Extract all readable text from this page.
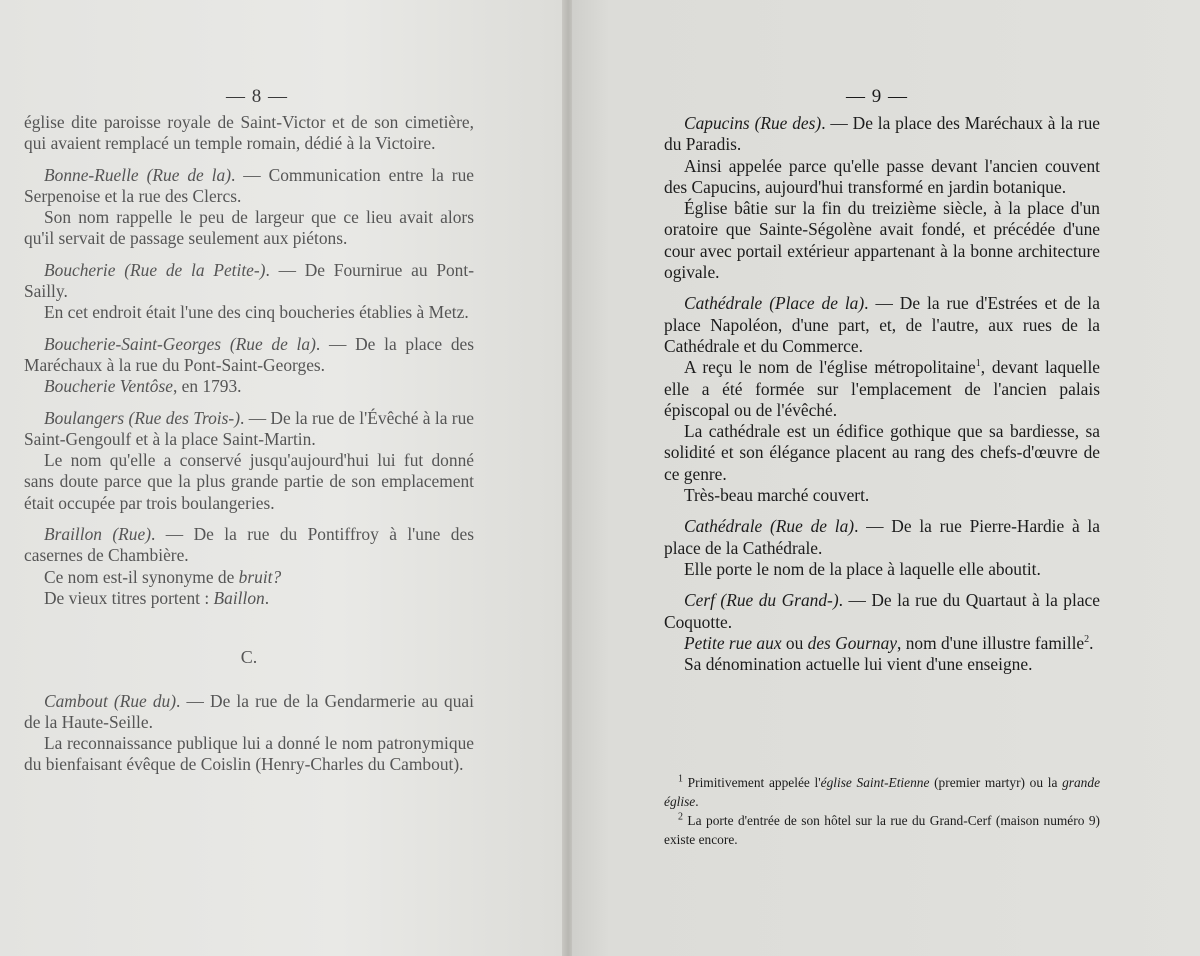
— 8 —

église dite paroisse royale de Saint-Victor et de son cimetière, qui avaient remplacé un temple romain, dédié à la Victoire.

Bonne-Ruelle (Rue de la). — Communication entre la rue Serpenoise et la rue des Clercs.

Son nom rappelle le peu de largeur que ce lieu avait alors qu'il servait de passage seulement aux piétons.

Boucherie (Rue de la Petite-). — De Fournirue au Pont-Sailly.

En cet endroit était l'une des cinq boucheries établies à Metz.

Boucherie-Saint-Georges (Rue de la). — De la place des Maréchaux à la rue du Pont-Saint-Georges.

Boucherie Ventôse, en 1793.

Boulangers (Rue des Trois-). — De la rue de l'Évêché à la rue Saint-Gengoulf et à la place Saint-Martin.

Le nom qu'elle a conservé jusqu'aujourd'hui lui fut donné sans doute parce que la plus grande partie de son emplacement était occupée par trois boulangeries.

Braillon (Rue). — De la rue du Pontiffroy à l'une des casernes de Chambière.

Ce nom est-il synonyme de bruit?

De vieux titres portent : Baillon.

C.

Cambout (Rue du). — De la rue de la Gendarmerie au quai de la Haute-Seille.

La reconnaissance publique lui a donné le nom patronymique du bienfaisant évêque de Coislin (Henry-Charles du Cambout).

— 9 —

Capucins (Rue des). — De la place des Maréchaux à la rue du Paradis.

Ainsi appelée parce qu'elle passe devant l'ancien couvent des Capucins, aujourd'hui transformé en jardin botanique.

Église bâtie sur la fin du treizième siècle, à la place d'un oratoire que Sainte-Ségolène avait fondé, et précédée d'une cour avec portail extérieur appartenant à la bonne architecture ogivale.

Cathédrale (Place de la). — De la rue d'Estrées et de la place Napoléon, d'une part, et, de l'autre, aux rues de la Cathédrale et du Commerce.

A reçu le nom de l'église métropolitaine$^1$, devant laquelle elle a été formée sur l'emplacement de l'ancien palais épiscopal ou de l'évêché.

La cathédrale est un édifice gothique que sa bardiesse, sa solidité et son élégance placent au rang des chefs-d'œuvre de ce genre.

Très-beau marché couvert.

Cathédrale (Rue de la). — De la rue Pierre-Hardie à la place de la Cathédrale.

Elle porte le nom de la place à laquelle elle aboutit.

Cerf (Rue du Grand-). — De la rue du Quartaut à la place Coquotte.

Petite rue aux ou des Gournay, nom d'une illustre famille$^2$.

Sa dénomination actuelle lui vient d'une enseigne.

$^1$ Primitivement appelée l'église Saint-Etienne (premier martyr) ou la grande église.

$^2$ La porte d'entrée de son hôtel sur la rue du Grand-Cerf (maison numéro 9) existe encore.
